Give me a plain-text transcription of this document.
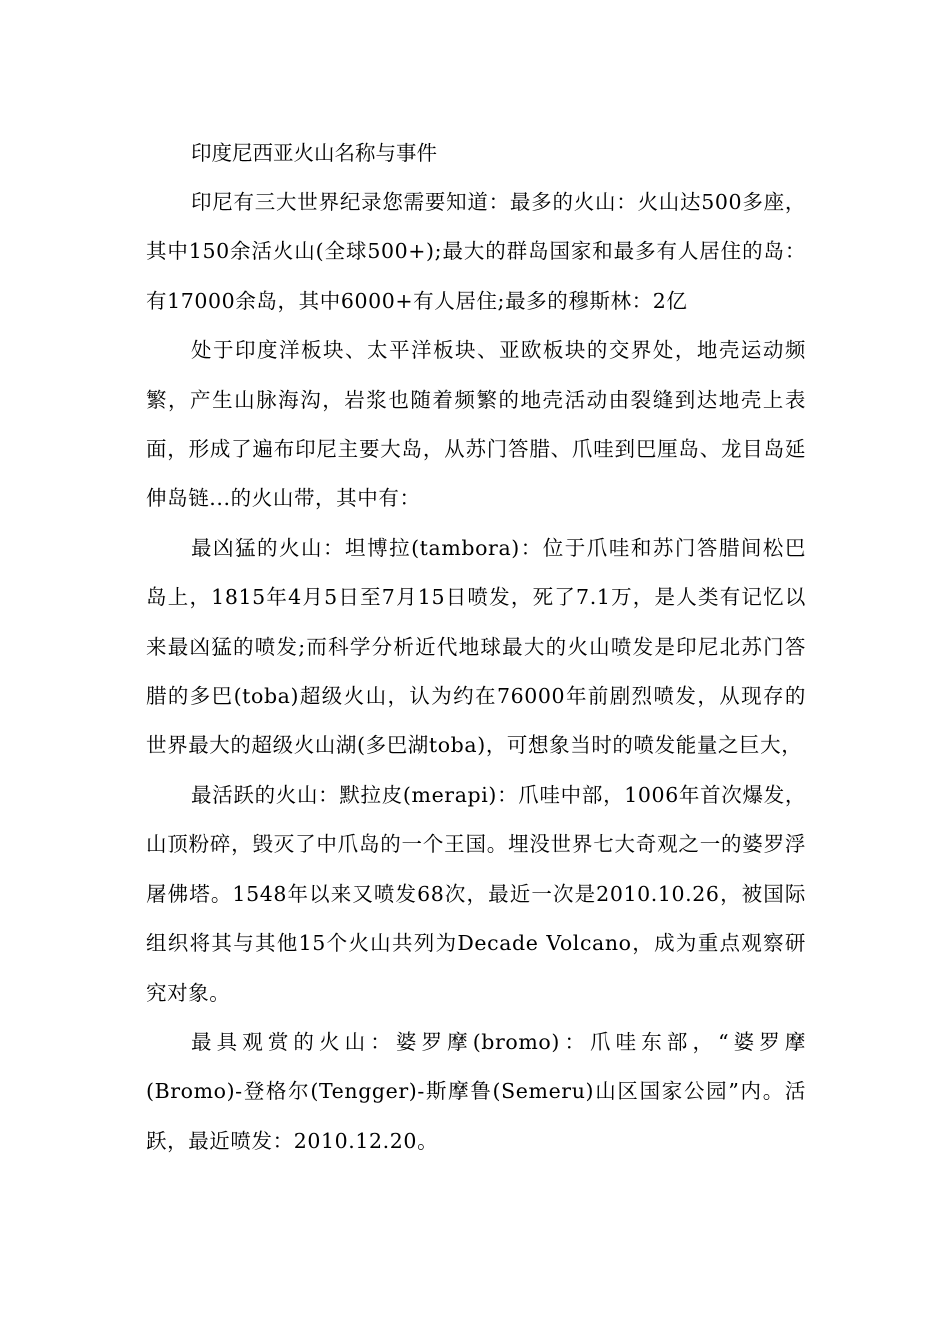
印度尼西亚火山名称与事件

印尼有三大世界纪录您需要知道：最多的火山：火山达500多座，其中150余活火山(全球500+);最大的群岛国家和最多有人居住的岛：有17000余岛，其中6000+有人居住;最多的穆斯林：2亿

处于印度洋板块、太平洋板块、亚欧板块的交界处，地壳运动频繁，产生山脉海沟，岩浆也随着频繁的地壳活动由裂缝到达地壳上表面，形成了遍布印尼主要大岛，从苏门答腊、爪哇到巴厘岛、龙目岛延伸岛链...的火山带，其中有：

最凶猛的火山：坦博拉(tambora)：位于爪哇和苏门答腊间松巴岛上，1815年4月5日至7月15日喷发，死了7.1万，是人类有记忆以来最凶猛的喷发;而科学分析近代地球最大的火山喷发是印尼北苏门答腊的多巴(toba)超级火山，认为约在76000年前剧烈喷发，从现存的世界最大的超级火山湖(多巴湖toba)，可想象当时的喷发能量之巨大，

最活跃的火山：默拉皮(merapi)：爪哇中部，1006年首次爆发，山顶粉碎，毁灭了中爪岛的一个王国。埋没世界七大奇观之一的婆罗浮屠佛塔。1548年以来又喷发68次，最近一次是2010.10.26，被国际组织将其与其他15个火山共列为Decade Volcano，成为重点观察研究对象。

最具观赏的火山：婆罗摩(bromo)：爪哇东部，“婆罗摩(Bromo)-登格尔(Tengger)-斯摩鲁(Semeru)山区国家公园”内。活跃，最近喷发：2010.12.20。
